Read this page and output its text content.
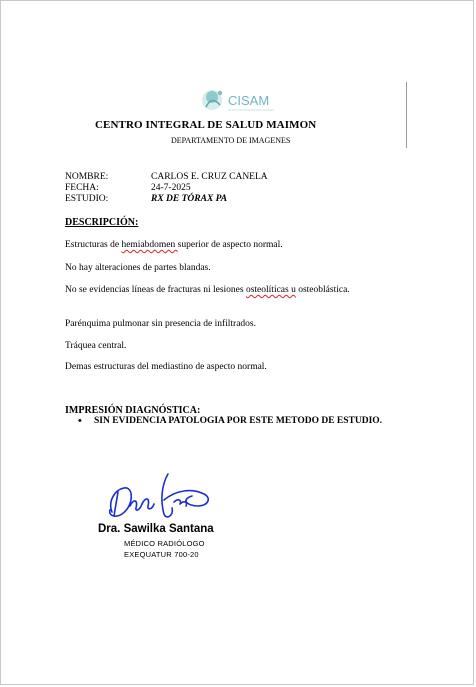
CISAM
CENTRO INTEGRAL DE SALUD MAIMON
DEPARTAMENTO DE IMAGENES
NOMBRE:	CARLOS E. CRUZ CANELA
FECHA:	24-7-2025
ESTUDIO:	RX DE TÓRAX PA
DESCRIPCIÓN:
Estructuras de hemiabdomen superior de aspecto normal.
No hay alteraciones de partes blandas.
No se evidencias líneas de fracturas ni lesiones osteolíticas u osteoblástica.
Parénquima pulmonar sin presencia de infiltrados.
Tráquea central.
Demas estructuras del mediastino de aspecto normal.
IMPRESIÓN DIAGNÓSTICA:
• SIN EVIDENCIA PATOLOGIA POR ESTE METODO DE ESTUDIO.
Dra. Sawilka Santana
MÉDICO RADIÓLOGO
EXEQUATUR 700-20
